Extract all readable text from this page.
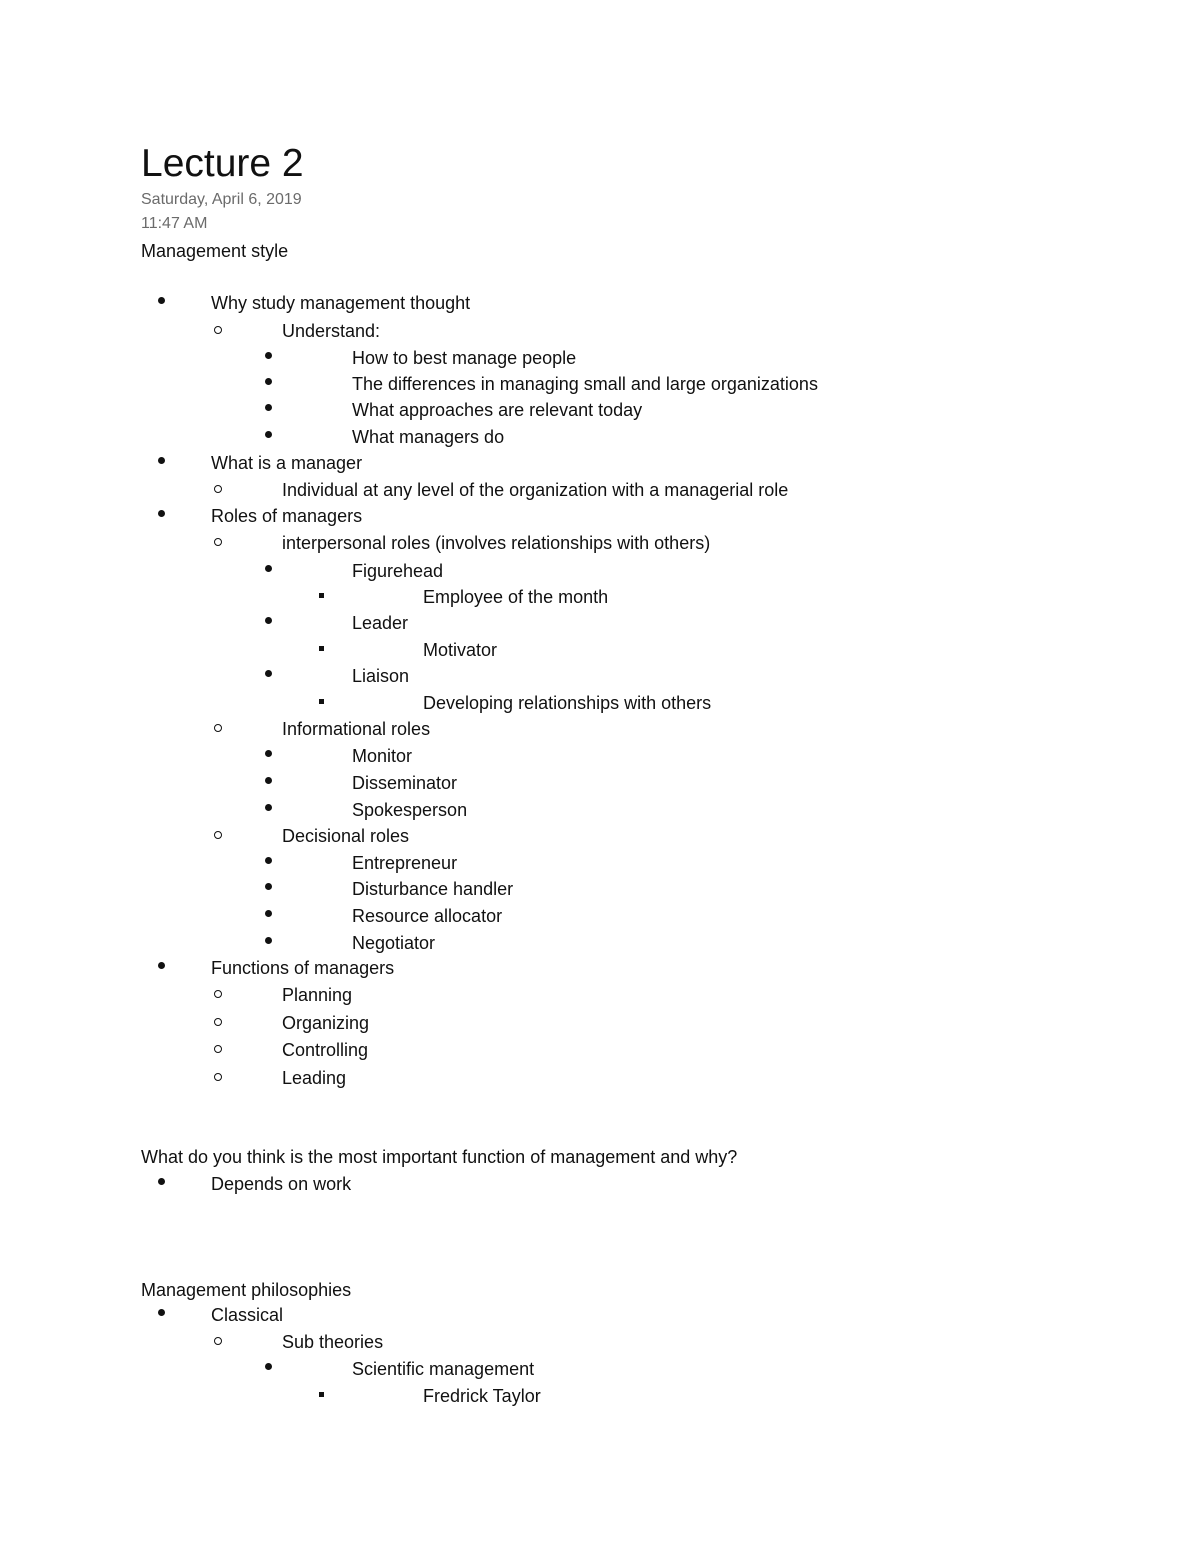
Lecture 2
Saturday, April 6, 2019
11:47 AM
Management style
Why study management thought
Understand:
How to best manage people
The differences in managing small and large organizations
What approaches are relevant today
What managers do
What is a manager
Individual at any level of the organization with a managerial role
Roles of managers
interpersonal roles (involves relationships with others)
Figurehead
Employee of the month
Leader
Motivator
Liaison
Developing relationships with others
Informational roles
Monitor
Disseminator
Spokesperson
Decisional roles
Entrepreneur
Disturbance handler
Resource allocator
Negotiator
Functions of managers
Planning
Organizing
Controlling
Leading
What do you think is the most important function of management and why?
Depends on work
Management philosophies
Classical
Sub theories
Scientific management
Fredrick Taylor
